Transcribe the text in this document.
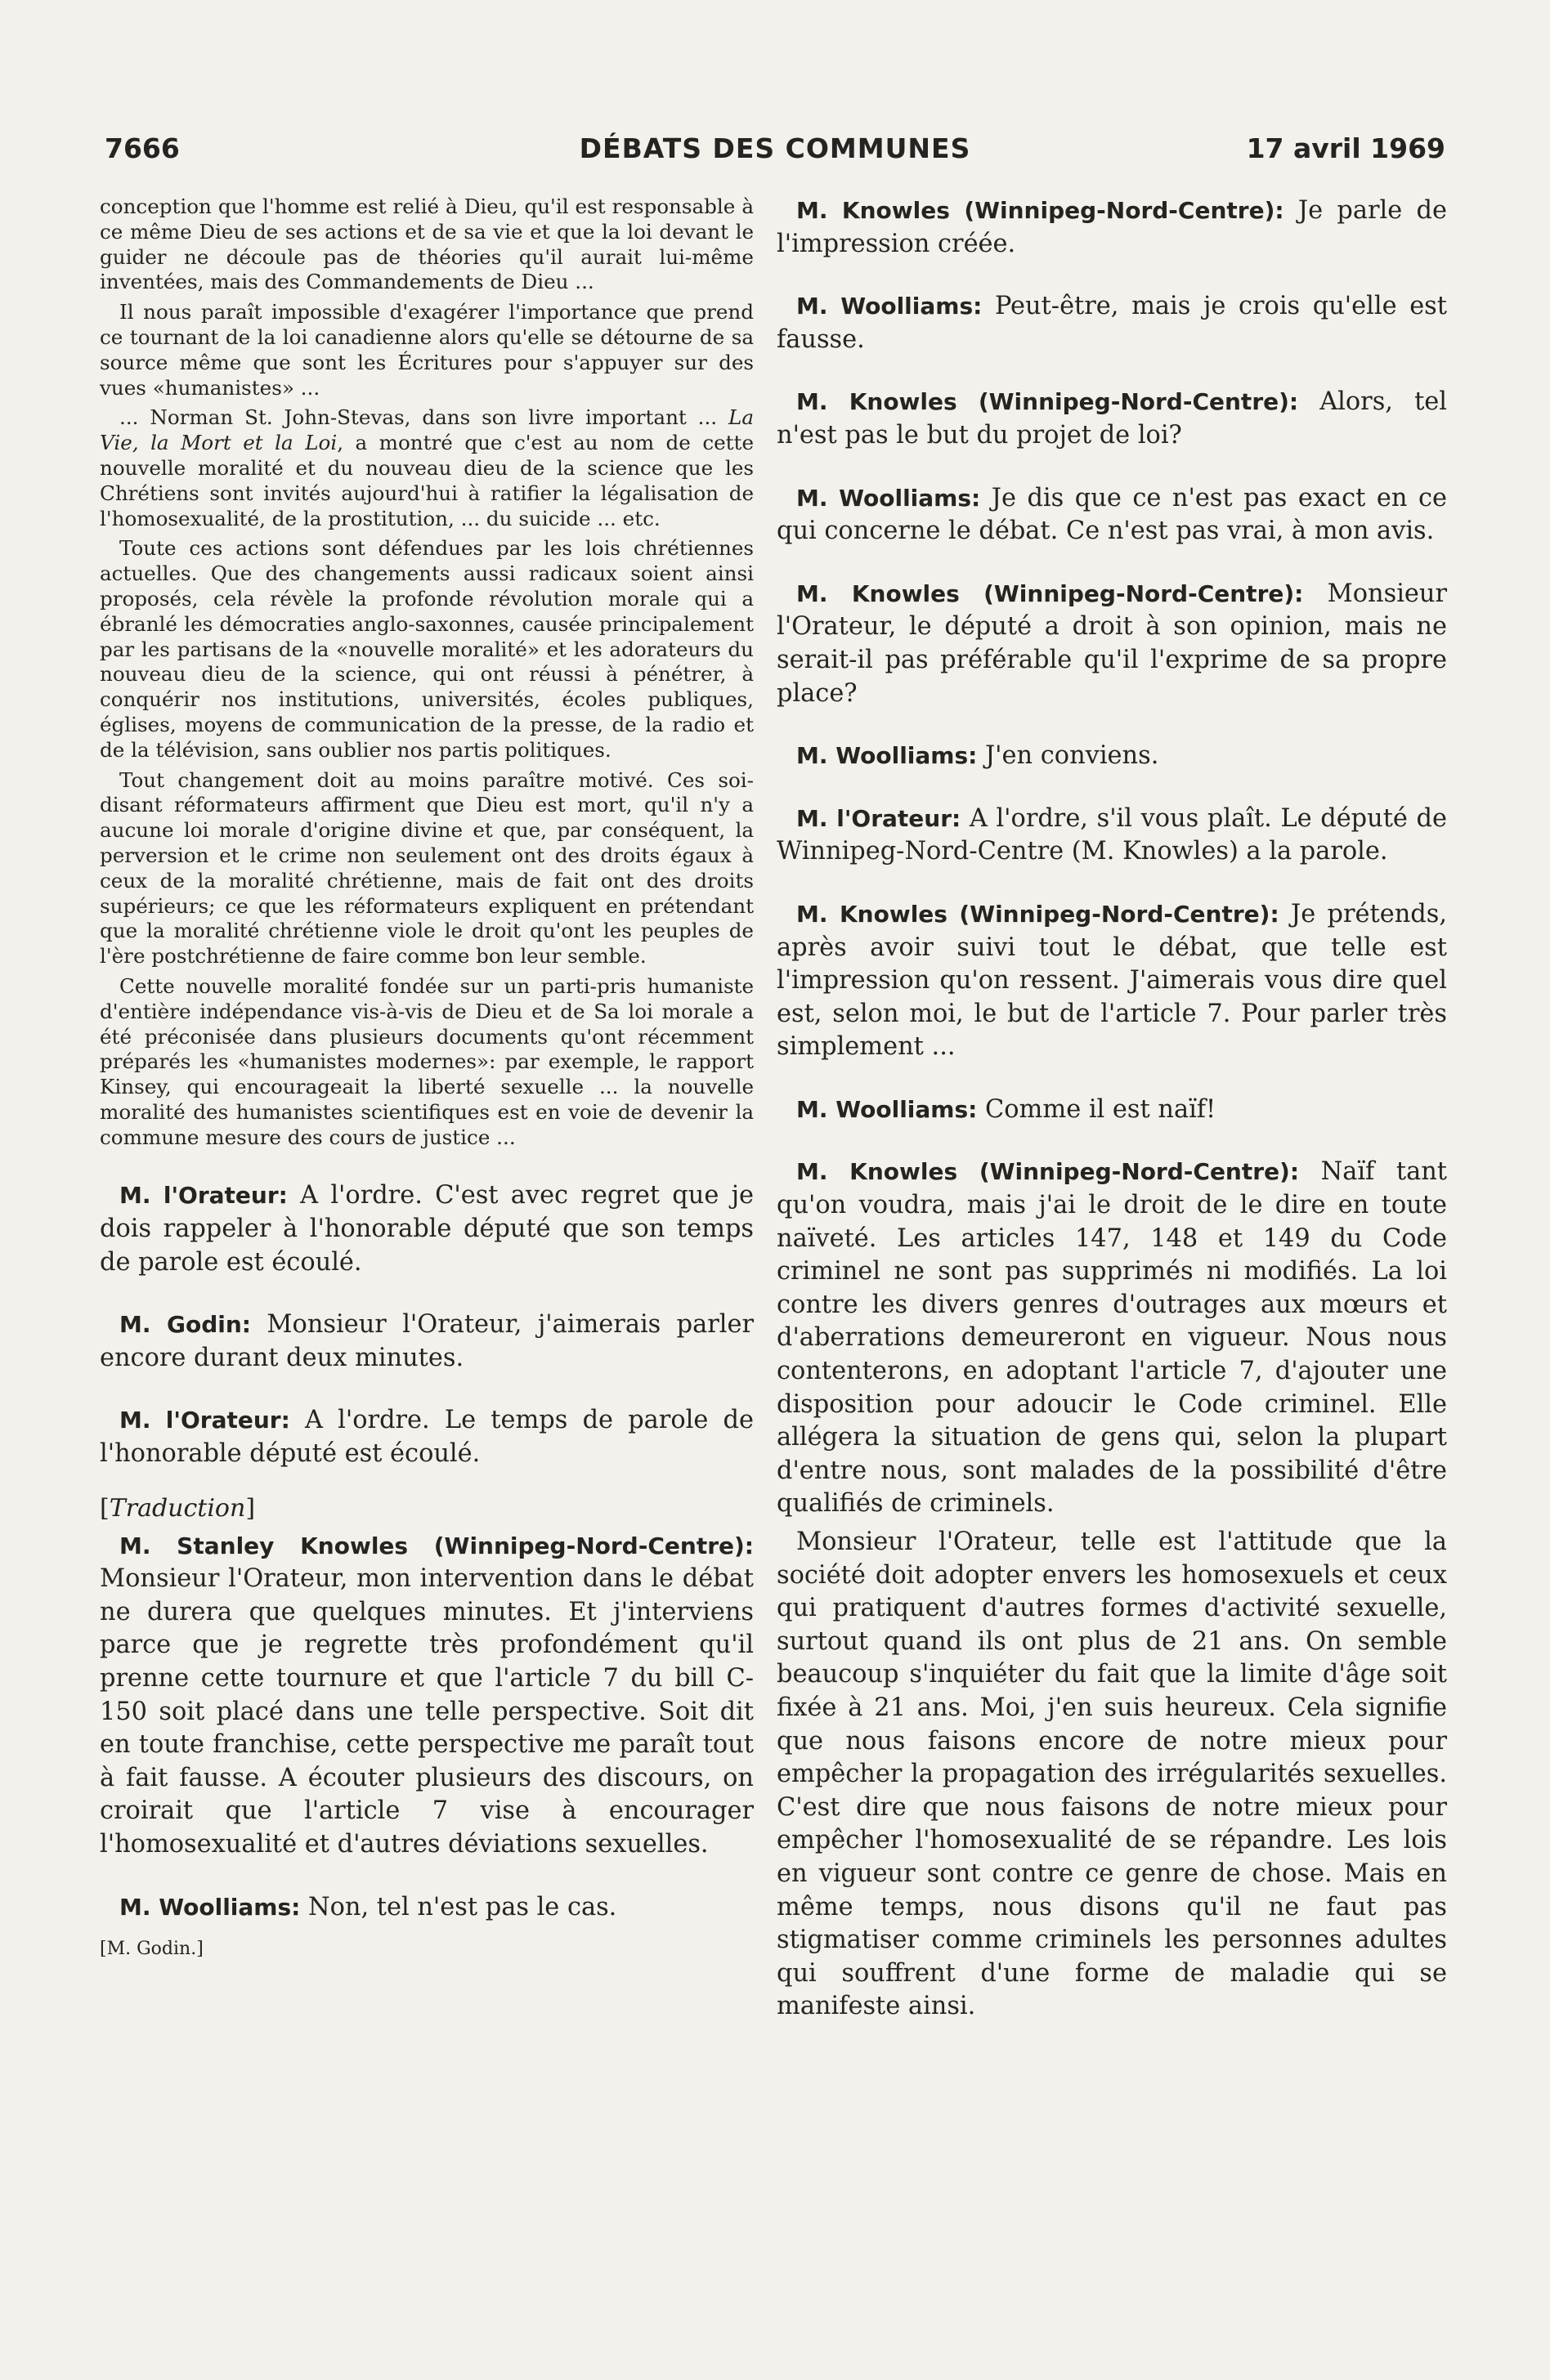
7666	DÉBATS DES COMMUNES	17 avril 1969

conception que l'homme est relié à Dieu, qu'il est responsable à ce même Dieu de ses actions et de sa vie et que la loi devant le guider ne découle pas de théories qu'il aurait lui-même inventées, mais des Commandements de Dieu ...

Il nous paraît impossible d'exagérer l'importance que prend ce tournant de la loi canadienne alors qu'elle se détourne de sa source même que sont les Écritures pour s'appuyer sur des vues «humanistes» ...

... Norman St. John-Stevas, dans son livre important ... La Vie, la Mort et la Loi, a montré que c'est au nom de cette nouvelle moralité et du nouveau dieu de la science que les Chrétiens sont invités aujourd'hui à ratifier la légalisation de l'homosexualité, de la prostitution, ... du suicide ... etc.

Toute ces actions sont défendues par les lois chrétiennes actuelles. Que des changements aussi radicaux soient ainsi proposés, cela révèle la profonde révolution morale qui a ébranlé les démocraties anglo-saxonnes, causée principalement par les partisans de la «nouvelle moralité» et les adorateurs du nouveau dieu de la science, qui ont réussi à pénétrer, à conquérir nos institutions, universités, écoles publiques, églises, moyens de communication de la presse, de la radio et de la télévision, sans oublier nos partis politiques.

Tout changement doit au moins paraître motivé. Ces soi-disant réformateurs affirment que Dieu est mort, qu'il n'y a aucune loi morale d'origine divine et que, par conséquent, la perversion et le crime non seulement ont des droits égaux à ceux de la moralité chrétienne, mais de fait ont des droits supérieurs; ce que les réformateurs expliquent en prétendant que la moralité chrétienne viole le droit qu'ont les peuples de l'ère postchrétienne de faire comme bon leur semble.

Cette nouvelle moralité fondée sur un parti-pris humaniste d'entière indépendance vis-à-vis de Dieu et de Sa loi morale a été préconisée dans plusieurs documents qu'ont récemment préparés les «humanistes modernes»: par exemple, le rapport Kinsey, qui encourageait la liberté sexuelle ... la nouvelle moralité des humanistes scientifiques est en voie de devenir la commune mesure des cours de justice ...

M. l'Orateur: A l'ordre. C'est avec regret que je dois rappeler à l'honorable député que son temps de parole est écoulé.

M. Godin: Monsieur l'Orateur, j'aimerais parler encore durant deux minutes.

M. l'Orateur: A l'ordre. Le temps de parole de l'honorable député est écoulé.

[Traduction]

M. Stanley Knowles (Winnipeg-Nord-Centre): Monsieur l'Orateur, mon intervention dans le débat ne durera que quelques minutes. Et j'interviens parce que je regrette très profondément qu'il prenne cette tournure et que l'article 7 du bill C-150 soit placé dans une telle perspective. Soit dit en toute franchise, cette perspective me paraît tout à fait fausse. A écouter plusieurs des discours, on croirait que l'article 7 vise à encourager l'homosexualité et d'autres déviations sexuelles.

M. Woolliams: Non, tel n'est pas le cas.

[M. Godin.]

M. Knowles (Winnipeg-Nord-Centre): Je parle de l'impression créée.

M. Woolliams: Peut-être, mais je crois qu'elle est fausse.

M. Knowles (Winnipeg-Nord-Centre): Alors, tel n'est pas le but du projet de loi?

M. Woolliams: Je dis que ce n'est pas exact en ce qui concerne le débat. Ce n'est pas vrai, à mon avis.

M. Knowles (Winnipeg-Nord-Centre): Monsieur l'Orateur, le député a droit à son opinion, mais ne serait-il pas préférable qu'il l'exprime de sa propre place?

M. Woolliams: J'en conviens.

M. l'Orateur: A l'ordre, s'il vous plaît. Le député de Winnipeg-Nord-Centre (M. Knowles) a la parole.

M. Knowles (Winnipeg-Nord-Centre): Je prétends, après avoir suivi tout le débat, que telle est l'impression qu'on ressent. J'aimerais vous dire quel est, selon moi, le but de l'article 7. Pour parler très simplement ...

M. Woolliams: Comme il est naïf!

M. Knowles (Winnipeg-Nord-Centre): Naïf tant qu'on voudra, mais j'ai le droit de le dire en toute naïveté. Les articles 147, 148 et 149 du Code criminel ne sont pas supprimés ni modifiés. La loi contre les divers genres d'outrages aux mœurs et d'aberrations demeureront en vigueur. Nous nous contenterons, en adoptant l'article 7, d'ajouter une disposition pour adoucir le Code criminel. Elle allégera la situation de gens qui, selon la plupart d'entre nous, sont malades de la possibilité d'être qualifiés de criminels.

Monsieur l'Orateur, telle est l'attitude que la société doit adopter envers les homosexuels et ceux qui pratiquent d'autres formes d'activité sexuelle, surtout quand ils ont plus de 21 ans. On semble beaucoup s'inquiéter du fait que la limite d'âge soit fixée à 21 ans. Moi, j'en suis heureux. Cela signifie que nous faisons encore de notre mieux pour empêcher la propagation des irrégularités sexuelles. C'est dire que nous faisons de notre mieux pour empêcher l'homosexualité de se répandre. Les lois en vigueur sont contre ce genre de chose. Mais en même temps, nous disons qu'il ne faut pas stigmatiser comme criminels les personnes adultes qui souffrent d'une forme de maladie qui se manifeste ainsi.
